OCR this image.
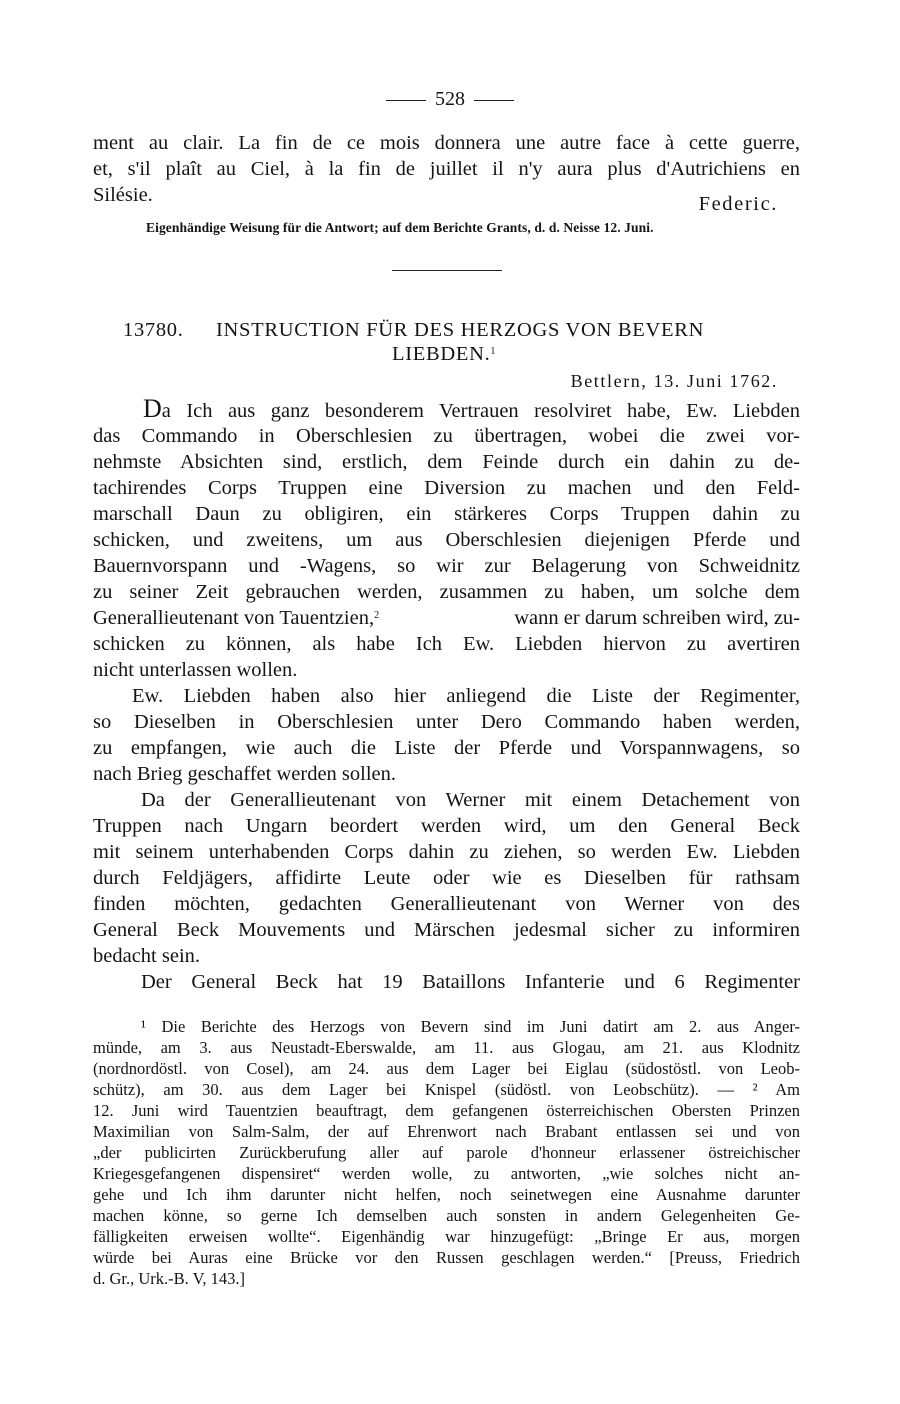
528
ment au clair. La fin de ce mois donnera une autre face à cette guerre,
et, s'il plaît au Ciel, à la fin de juillet il n'y aura plus d'Autrichiens en
Silésie.	Federic.
Eigenhändige Weisung für die Antwort; auf dem Berichte Grants, d. d. Neisse 12. Juni.
13780. INSTRUCTION FÜR DES HERZOGS VON BEVERN
LIEBDEN.$^1$
Bettlern, 13. Juni 1762.
Da Ich aus ganz besonderem Vertrauen resolviret habe, Ew. Liebden
das Commando in Oberschlesien zu übertragen, wobei die zwei vor-
nehmste Absichten sind, erstlich, dem Feinde durch ein dahin zu de-
tachirendes Corps Truppen eine Diversion zu machen und den Feld-
marschall Daun zu obligiren, ein stärkeres Corps Truppen dahin zu
schicken, und zweitens, um aus Oberschlesien diejenigen Pferde und
Bauernvorspann und -Wagens, so wir zur Belagerung von Schweidnitz
zu seiner Zeit gebrauchen werden, zusammen zu haben, um solche dem
Generallieutenant von Tauentzien,$^2$	wann er darum schreiben wird, zu-
schicken zu können, als habe Ich Ew. Liebden hiervon zu avertiren
nicht unterlassen wollen.
Ew. Liebden haben also hier anliegend die Liste der Regimenter,
so Dieselben in Oberschlesien unter Dero Commando haben werden,
zu empfangen, wie auch die Liste der Pferde und Vorspannwagens, so
nach Brieg geschaffet werden sollen.
Da der Generallieutenant von Werner mit einem Detachement von
Truppen nach Ungarn beordert werden wird, um den General Beck
mit seinem unterhabenden Corps dahin zu ziehen, so werden Ew. Liebden
durch Feldjägers, affidirte Leute oder wie es Dieselben für rathsam
finden möchten, gedachten Generallieutenant von Werner von des
General Beck Mouvements und Märschen jedesmal sicher zu informiren
bedacht sein.
Der General Beck hat 19 Bataillons Infanterie und 6 Regimenter
¹ Die Berichte des Herzogs von Bevern sind im Juni datirt am 2. aus Anger-
münde, am 3. aus Neustadt-Eberswalde, am 11. aus Glogau, am 21. aus Klodnitz
(nordnordöstl. von Cosel), am 24. aus dem Lager bei Eiglau (südostöstl. von Leob-
schütz), am 30. aus dem Lager bei Knispel (südöstl. von Leobschütz). — ² Am
12. Juni wird Tauentzien beauftragt, dem gefangenen österreichischen Obersten Prinzen
Maximilian von Salm-Salm, der auf Ehrenwort nach Brabant entlassen sei und von
„der publicirten Zurückberufung aller auf parole d'honneur erlassener östreichischer
Kriegesgefangenen dispensiret“ werden wolle, zu antworten, „wie solches nicht an-
gehe und Ich ihm darunter nicht helfen, noch seinetwegen eine Ausnahme darunter
machen könne, so gerne Ich demselben auch sonsten in andern Gelegenheiten Ge-
fälligkeiten erweisen wollte“. Eigenhändig war hinzugefügt: „Bringe Er aus, morgen
würde bei Auras eine Brücke vor den Russen geschlagen werden.“ [Preuss, Friedrich
d. Gr., Urk.-B. V, 143.]
